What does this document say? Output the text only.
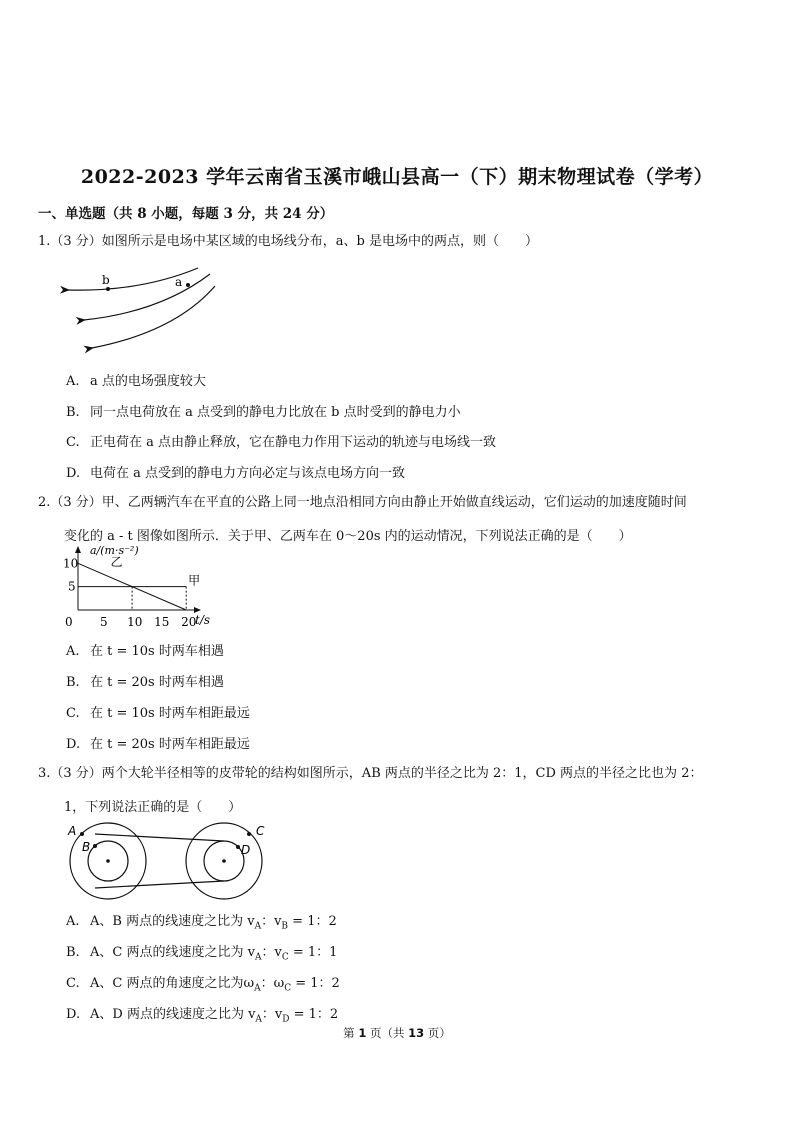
2022-2023 学年云南省玉溪市峨山县高一（下）期末物理试卷（学考）
一、单选题（共 8 小题，每题 3 分，共 24 分）
1.（3 分）如图所示是电场中某区域的电场线分布，a、b 是电场中的两点，则（　　）
b	a
A. a 点的电场强度较大
B. 同一点电荷放在 a 点受到的静电力比放在 b 点时受到的静电力小
C. 正电荷在 a 点由静止释放，它在静电力作用下运动的轨迹与电场线一致
D. 电荷在 a 点受到的静电力方向必定与该点电场方向一致
2.（3 分）甲、乙两辆汽车在平直的公路上同一地点沿相同方向由静止开始做直线运动，它们运动的加速度随时间
变化的 a - t 图像如图所示．关于甲、乙两车在 0～20s 内的运动情况，下列说法正确的是（　　）
a/(m·s⁻²)
t/s
0 5 10 15 20
5
10
甲
乙
A. 在 t = 10s 时两车相遇
B. 在 t = 20s 时两车相遇
C. 在 t = 10s 时两车相距最远
D. 在 t = 20s 时两车相距最远
3.（3 分）两个大轮半径相等的皮带轮的结构如图所示，AB 两点的半径之比为 2：1，CD 两点的半径之比也为 2：
1，下列说法正确的是（　　）
A
B
C
D
A. A、B 两点的线速度之比为 $v_A$：$v_B = 1$：2
B. A、C 两点的线速度之比为 $v_A$：$v_C = 1$：1
C. A、C 两点的角速度之比为$\omega_A$：$\omega_C = 1$：2
D. A、D 两点的线速度之比为 $v_A$：$v_D = 1$：2
第 1 页（共 13 页）
